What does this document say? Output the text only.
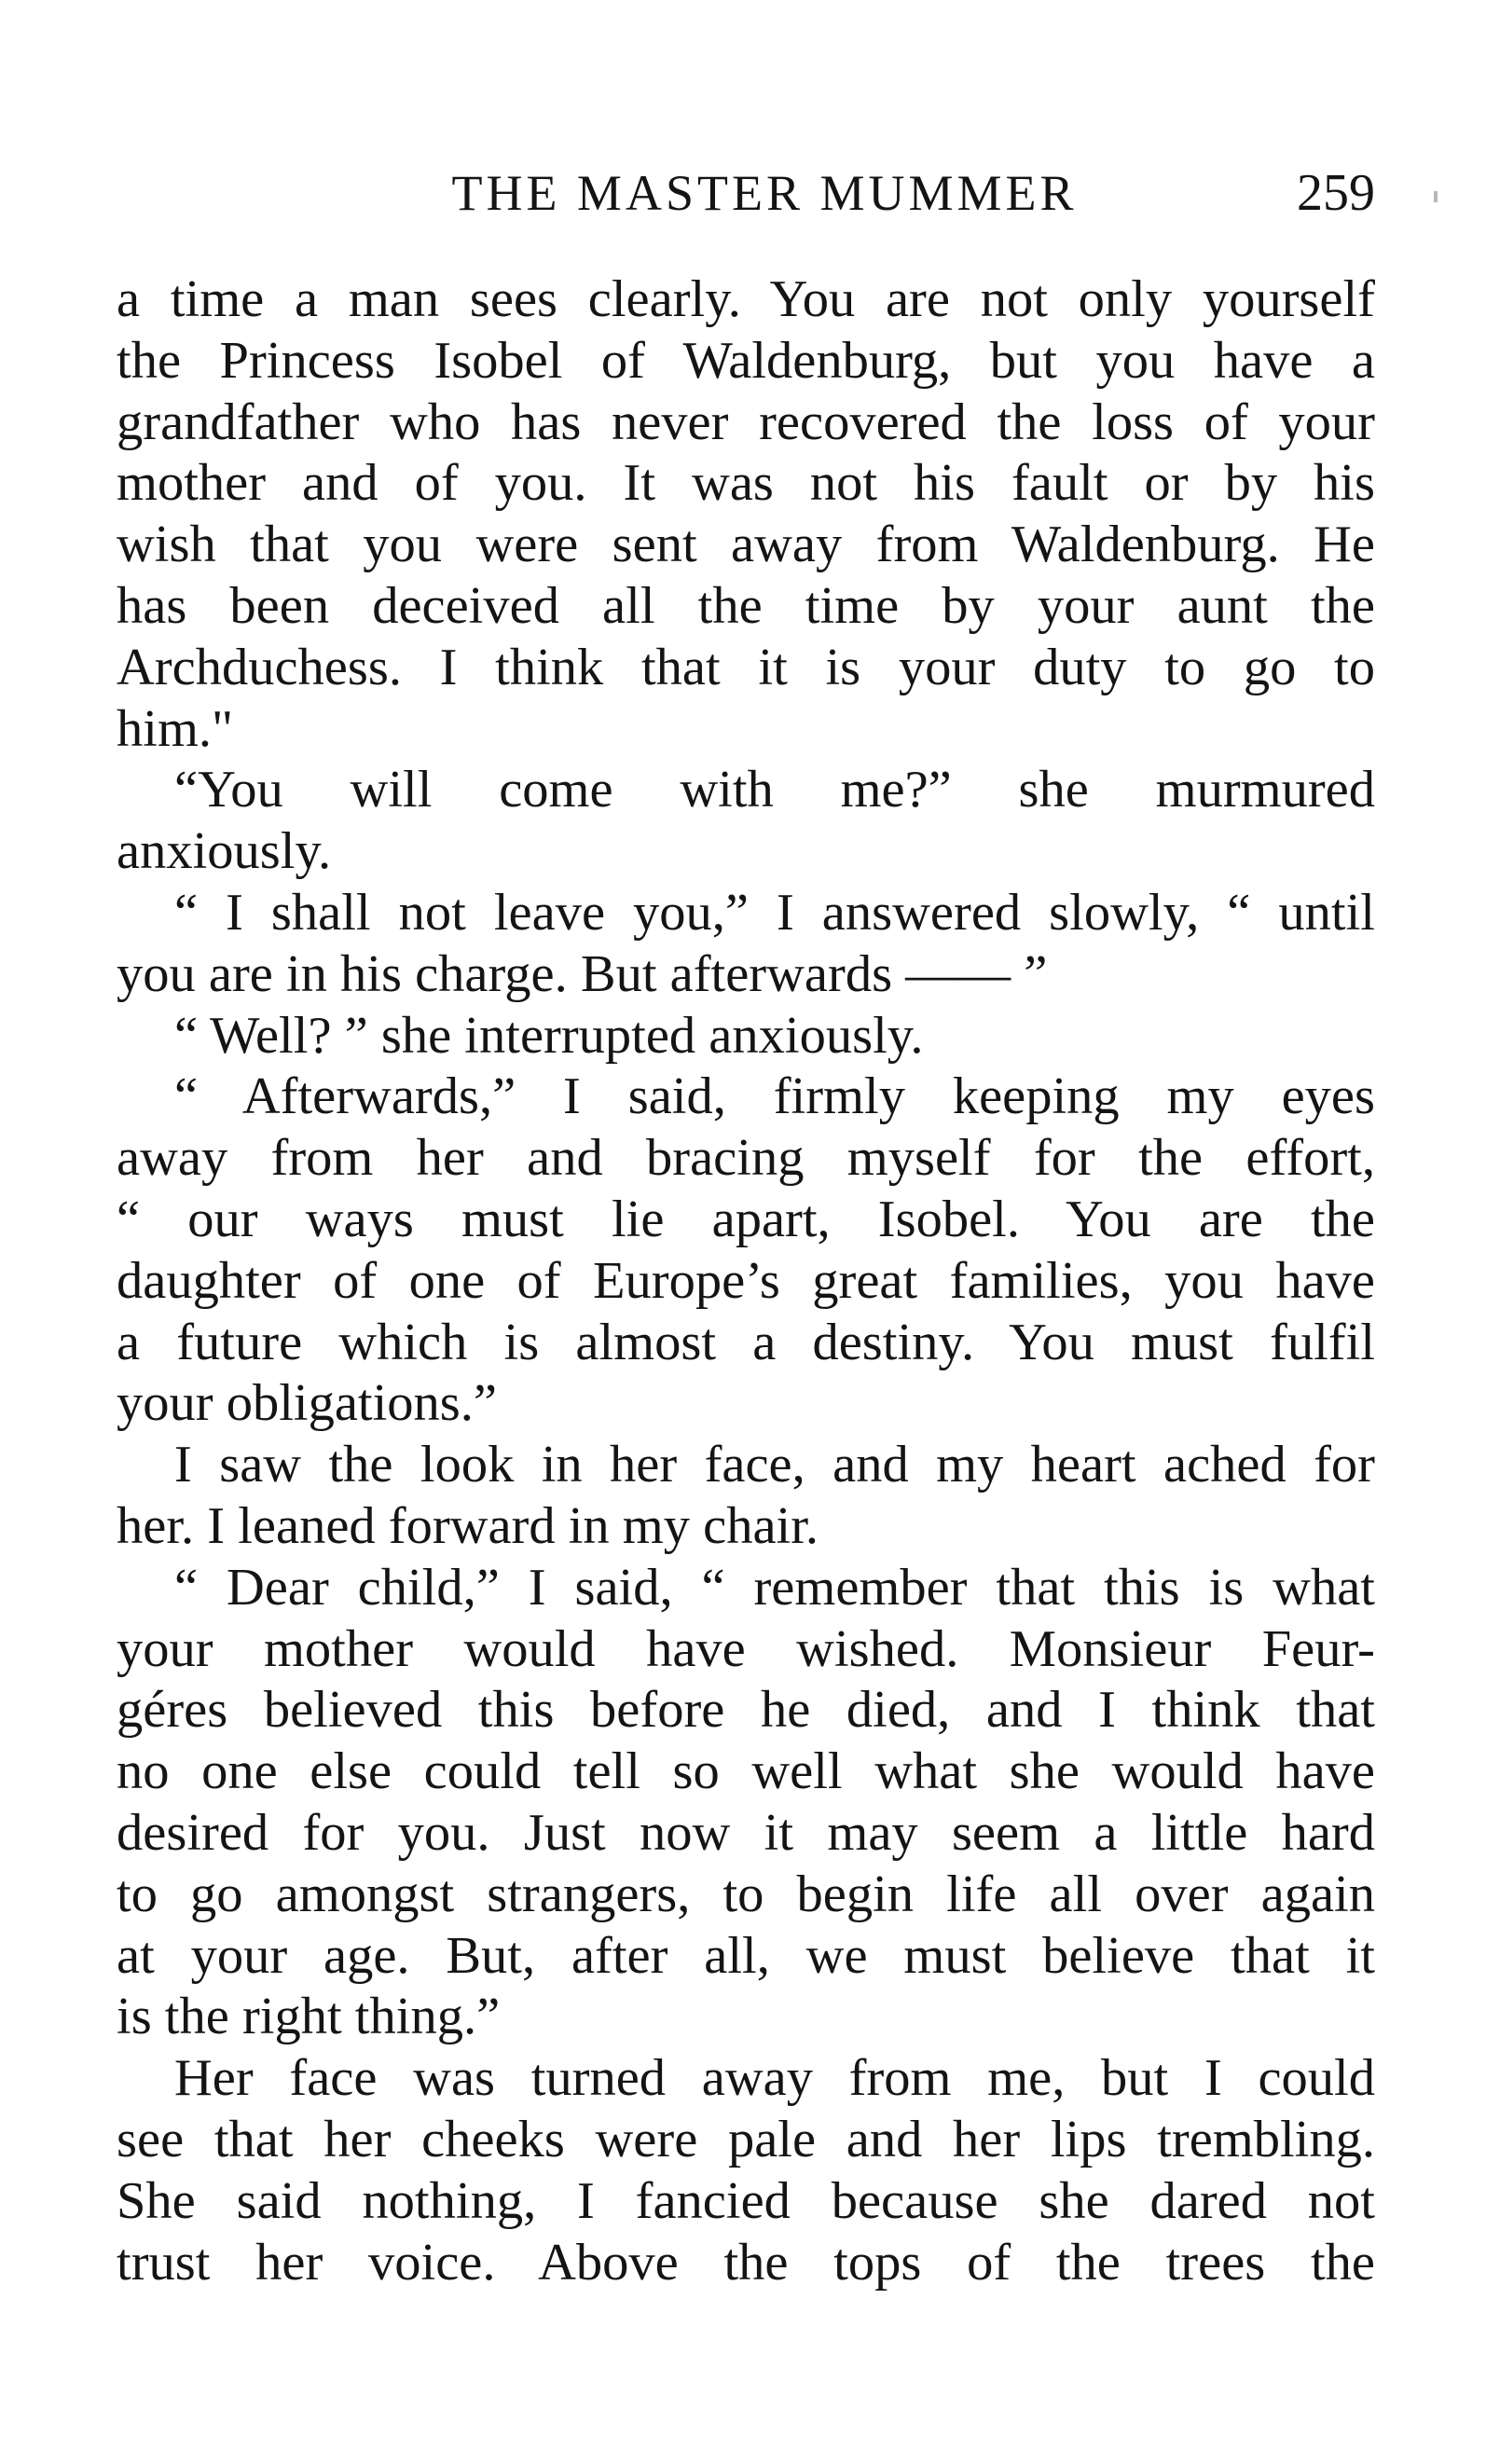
THE MASTER MUMMER	259
a time a man sees clearly. You are not only yourself
the Princess Isobel of Waldenburg, but you have a
grandfather who has never recovered the loss of your
mother and of you. It was not his fault or by his
wish that you were sent away from Waldenburg. He
has been deceived all the time by your aunt the
Archduchess. I think that it is your duty to go to
him."
“You will come with me?” she murmured
anxiously.
“ I shall not leave you,” I answered slowly, “ until
you are in his charge. But afterwards —— ”
“ Well? ” she interrupted anxiously.
“ Afterwards,” I said, firmly keeping my eyes
away from her and bracing myself for the effort,
“ our ways must lie apart, Isobel. You are the
daughter of one of Europe’s great families, you have
a future which is almost a destiny. You must fulfil
your obligations.”
I saw the look in her face, and my heart ached for
her. I leaned forward in my chair.
“ Dear child,” I said, “ remember that this is what
your mother would have wished. Monsieur Feur-
géres believed this before he died, and I think that
no one else could tell so well what she would have
desired for you. Just now it may seem a little hard
to go amongst strangers, to begin life all over again
at your age. But, after all, we must believe that it
is the right thing.”
Her face was turned away from me, but I could
see that her cheeks were pale and her lips trembling.
She said nothing, I fancied because she dared not
trust her voice. Above the tops of the trees the
